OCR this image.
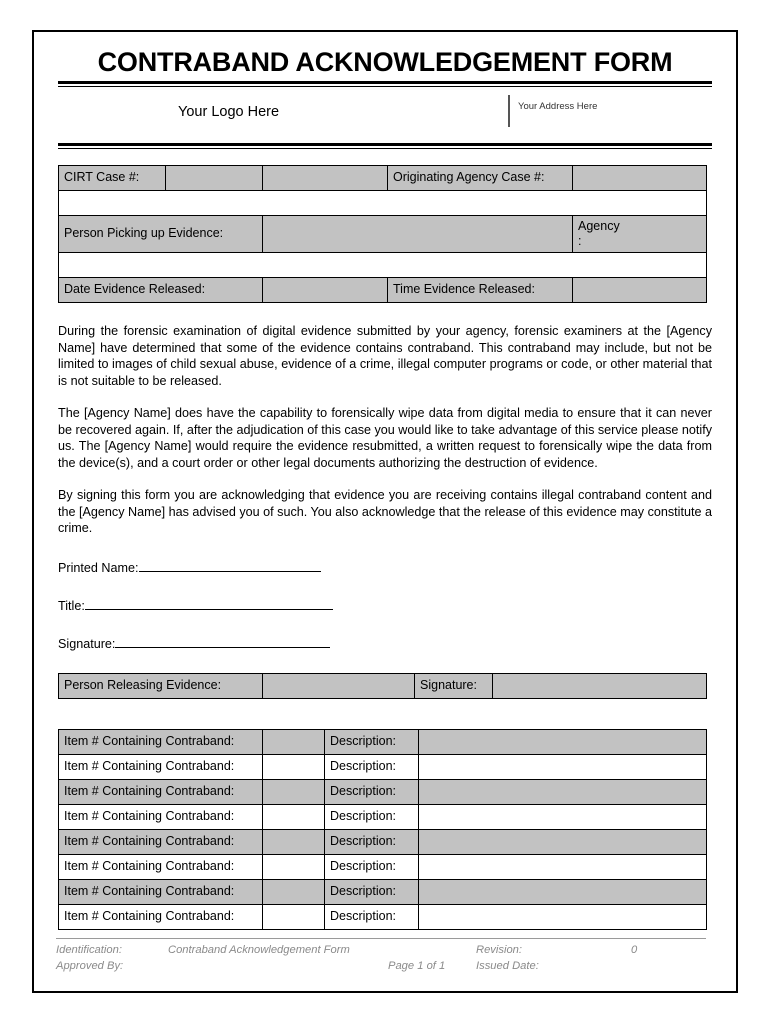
CONTRABAND ACKNOWLEDGEMENT FORM
Your Logo Here	Your Address Here
CIRT Case #:			Originating Agency Case #:		

Person Picking up Evidence:				Agency
:	

Date Evidence Released:			Time Evidence Released:		

During the forensic examination of digital evidence submitted by your agency, forensic examiners at the [Agency Name] have determined that some of the evidence contains contraband. This contraband may include, but not be limited to images of child sexual abuse, evidence of a crime, illegal computer programs or code, or other material that is not suitable to be released.

The [Agency Name] does have the capability to forensically wipe data from digital media to ensure that it can never be recovered again. If, after the adjudication of this case you would like to take advantage of this service please notify us. The [Agency Name] would require the evidence resubmitted, a written request to forensically wipe the data from the device(s), and a court order or other legal documents authorizing the destruction of evidence.

By signing this form you are acknowledging that evidence you are receiving contains illegal contraband content and the [Agency Name] has advised you of such. You also acknowledge that the release of this evidence may constitute a crime.

Printed Name:
Title:
Signature:
Person Releasing Evidence:		Signature:	
Item # Containing Contraband:		Description:	
Item # Containing Contraband:		Description:	
Item # Containing Contraband:		Description:	
Item # Containing Contraband:		Description:	
Item # Containing Contraband:		Description:	
Item # Containing Contraband:		Description:	
Item # Containing Contraband:		Description:	
Item # Containing Contraband:		Description:	
Identification:	Contraband Acknowledgement Form	Revision:	0
Approved By:	Page 1 of 1	Issued Date:
